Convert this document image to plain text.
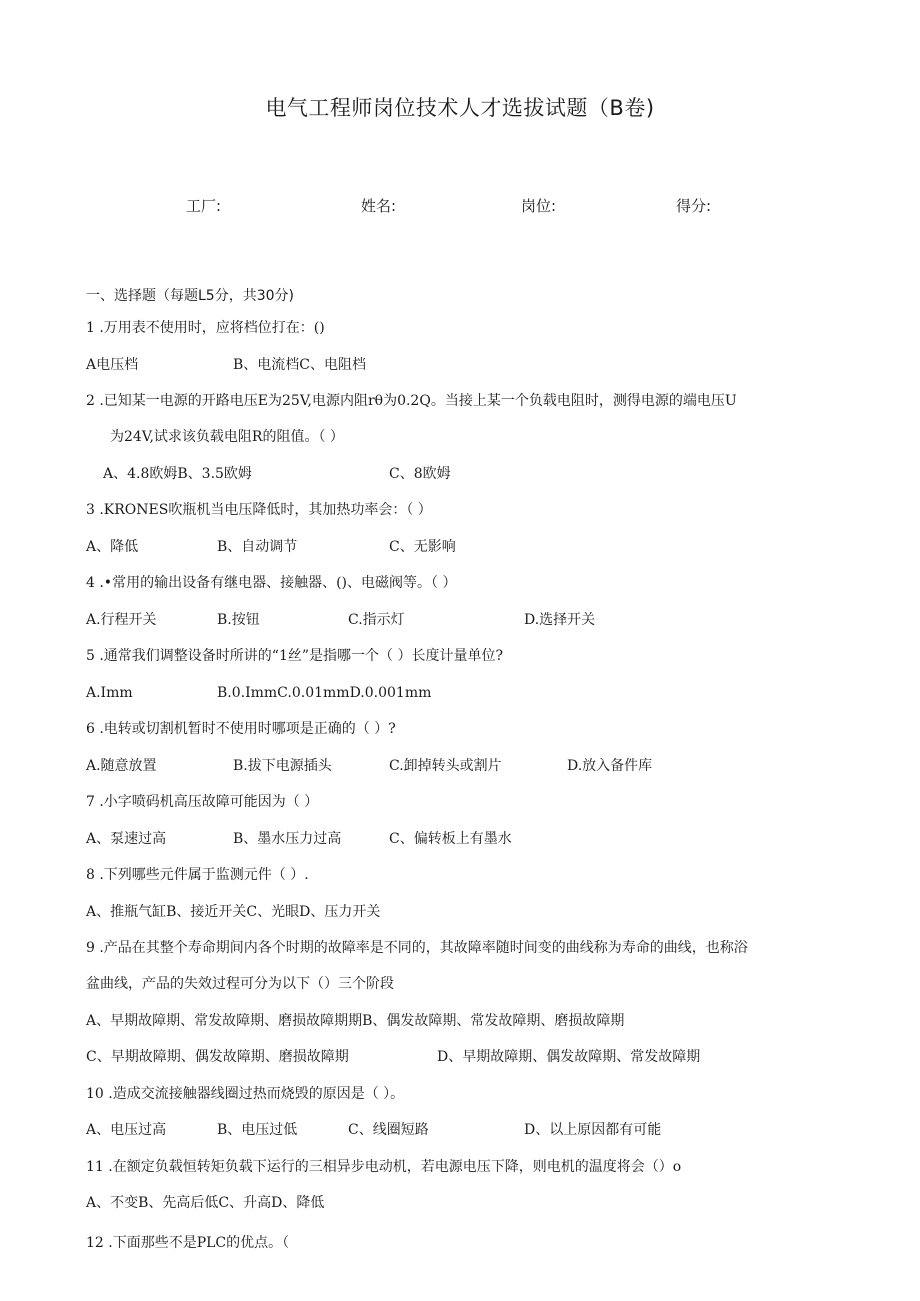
电气工程师岗位技术人才选拔试题（B卷)
工厂:	姓名:	岗位:	得分:
一、选择题（每题L5分，共30分)
1 .万用表不使用时，应将档位打在：()
A电压档	B、电流档C、电阻档
2 .已知某一电源的开路电压E为25V,电源内阻rθ为0.2Q。当接上某一个负载电阻时，测得电源的端电压U
为24V,试求该负载电阻R的阻值。（ ）
A、4.8欧姆B、3.5欧姆	C、8欧姆
3 .KRONES吹瓶机当电压降低时，其加热功率会：（ ）
A、降低	B、自动调节	C、无影响
4 .•常用的输出设备有继电器、接触器、()、电磁阀等。（ ）
A.行程开关	B.按钮	C.指示灯	D.选择开关
5 .通常我们调整设备时所讲的“1丝”是指哪一个（ ）长度计量单位?
A.Imm	B.0.ImmC.0.01mmD.0.001mm
6 .电转或切割机暂时不使用时哪项是正确的（ ）?
A.随意放置	B.拔下电源插头	C.卸掉转头或割片	D.放入备件库
7 .小字喷码机高压故障可能因为（ ）
A、泵速过高	B、墨水压力过高	C、偏转板上有墨水
8 .下列哪些元件属于监测元件（ ）.
A、推瓶气缸B、接近开关C、光眼D、压力开关
9 .产品在其整个寿命期间内各个时期的故障率是不同的，其故障率随时间变的曲线称为寿命的曲线，也称浴
盆曲线，产品的失效过程可分为以下（）三个阶段
A、早期故障期、常发故障期、磨损故障期期B、偶发故障期、常发故障期、磨损故障期
C、早期故障期、偶发故障期、磨损故障期	D、早期故障期、偶发故障期、常发故障期
10 .造成交流接触器线圈过热而烧毁的原因是（ ）。
A、电压过高	B、电压过低	C、线圈短路	D、以上原因都有可能
11 .在额定负载恒转矩负载下运行的三相异步电动机，若电源电压下降，则电机的温度将会（）o
A、不变B、先高后低C、升高D、降低
12 .下面那些不是PLC的优点。（
